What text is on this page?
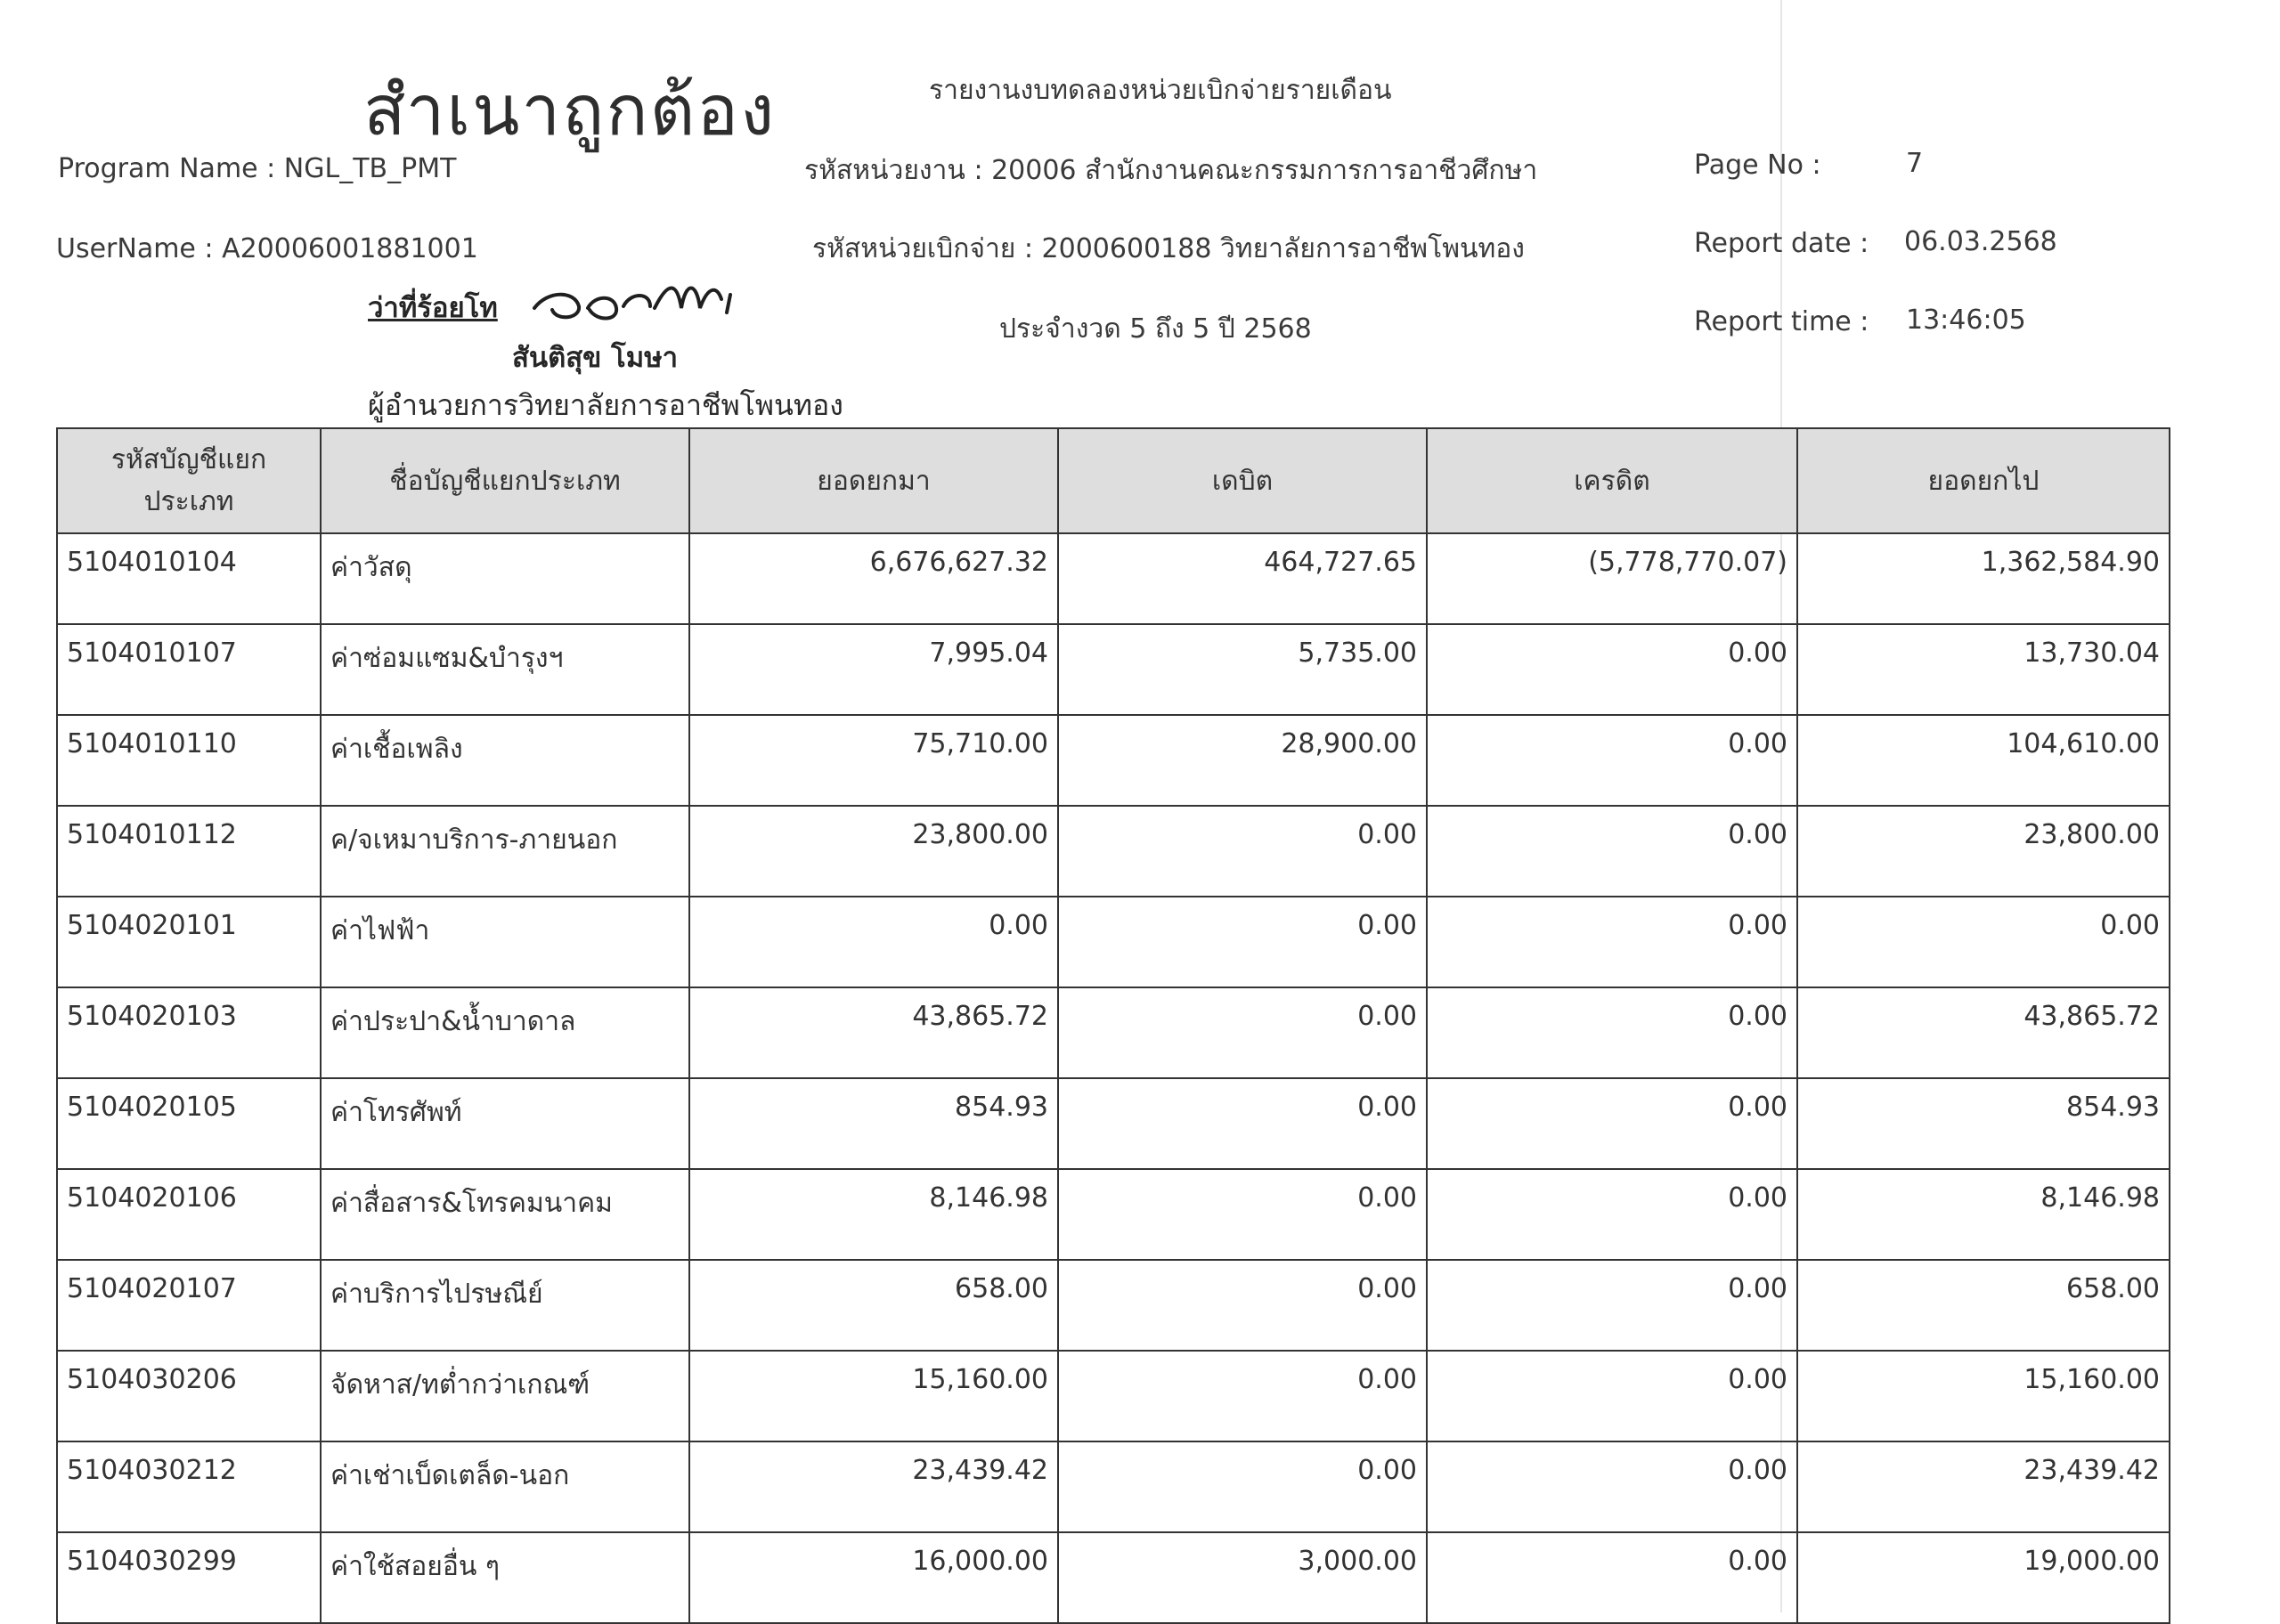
สำเนาถูกต้อง	รายงานงบทดลองหน่วยเบิกจ่ายรายเดือน
Program Name : NGL_TB_PMT	รหัสหน่วยงาน : 20006 สำนักงานคณะกรรมการการอาชีวศึกษา	Page No :	7
UserName : A20006001881001	รหัสหน่วยเบิกจ่าย : 2000600188 วิทยาลัยการอาชีพโพนทอง	Report date : 06.03.2568
ประจำงวด 5 ถึง 5 ปี 2568	Report time : 13:46:05
ว่าที่ร้อยโท
สันติสุข โมษา
ผู้อำนวยการวิทยาลัยการอาชีพโพนทอง
รหัสบัญชีแยกประเภท	ชื่อบัญชีแยกประเภท	ยอดยกมา	เดบิต	เครดิต	ยอดยกไป
5104010104	ค่าวัสดุ	6,676,627.32	464,727.65	(5,778,770.07)	1,362,584.90
5104010107	ค่าซ่อมแซม&บำรุงฯ	7,995.04	5,735.00	0.00	13,730.04
5104010110	ค่าเชื้อเพลิง	75,710.00	28,900.00	0.00	104,610.00
5104010112	ค/จเหมาบริการ-ภายนอก	23,800.00	0.00	0.00	23,800.00
5104020101	ค่าไฟฟ้า	0.00	0.00	0.00	0.00
5104020103	ค่าประปา&น้ำบาดาล	43,865.72	0.00	0.00	43,865.72
5104020105	ค่าโทรศัพท์	854.93	0.00	0.00	854.93
5104020106	ค่าสื่อสาร&โทรคมนาคม	8,146.98	0.00	0.00	8,146.98
5104020107	ค่าบริการไปรษณีย์	658.00	0.00	0.00	658.00
5104030206	จัดหาส/ทต่ำกว่าเกณฑ์	15,160.00	0.00	0.00	15,160.00
5104030212	ค่าเช่าเบ็ดเตล็ด-นอก	23,439.42	0.00	0.00	23,439.42
5104030299	ค่าใช้สอยอื่น ๆ	16,000.00	3,000.00	0.00	19,000.00
